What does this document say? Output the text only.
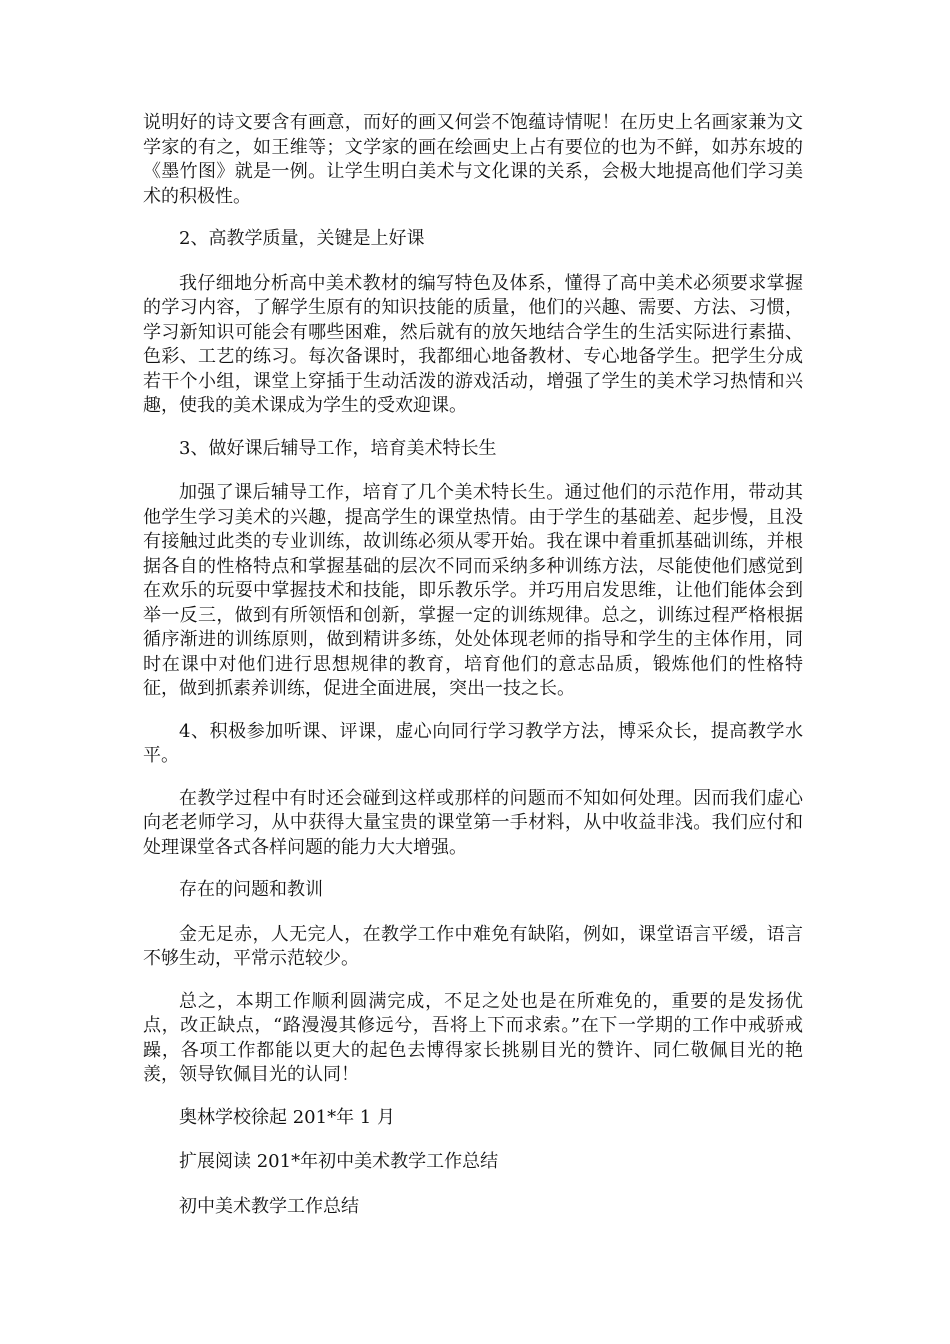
说明好的诗文要含有画意，而好的画又何尝不饱蕴诗情呢！在历史上名画家兼为文学家的有之，如王维等；文学家的画在绘画史上占有要位的也为不鲜，如苏东坡的《墨竹图》就是一例。让学生明白美术与文化课的关系，会极大地提高他们学习美术的积极性。

2、高教学质量，关键是上好课

我仔细地分析高中美术教材的编写特色及体系，懂得了高中美术必须要求掌握的学习内容，了解学生原有的知识技能的质量，他们的兴趣、需要、方法、习惯，学习新知识可能会有哪些困难，然后就有的放矢地结合学生的生活实际进行素描、色彩、工艺的练习。每次备课时，我都细心地备教材、专心地备学生。把学生分成若干个小组，课堂上穿插于生动活泼的游戏活动，增强了学生的美术学习热情和兴趣，使我的美术课成为学生的受欢迎课。

3、做好课后辅导工作，培育美术特长生

加强了课后辅导工作，培育了几个美术特长生。通过他们的示范作用，带动其他学生学习美术的兴趣，提高学生的课堂热情。由于学生的基础差、起步慢，且没有接触过此类的专业训练，故训练必须从零开始。我在课中着重抓基础训练，并根据各自的性格特点和掌握基础的层次不同而采纳多种训练方法，尽能使他们感觉到在欢乐的玩耍中掌握技术和技能，即乐教乐学。并巧用启发思维，让他们能体会到举一反三，做到有所领悟和创新，掌握一定的训练规律。总之，训练过程严格根据循序渐进的训练原则，做到精讲多练，处处体现老师的指导和学生的主体作用，同时在课中对他们进行思想规律的教育，培育他们的意志品质，锻炼他们的性格特征，做到抓素养训练，促进全面进展，突出一技之长。

4、积极参加听课、评课，虚心向同行学习教学方法，博采众长，提高教学水平。

在教学过程中有时还会碰到这样或那样的问题而不知如何处理。因而我们虚心向老老师学习，从中获得大量宝贵的课堂第一手材料，从中收益非浅。我们应付和处理课堂各式各样问题的能力大大增强。

存在的问题和教训

金无足赤，人无完人，在教学工作中难免有缺陷，例如，课堂语言平缓，语言不够生动，平常示范较少。

总之，本期工作顺利圆满完成，不足之处也是在所难免的，重要的是发扬优点，改正缺点，“路漫漫其修远兮，吾将上下而求索。”在下一学期的工作中戒骄戒躁，各项工作都能以更大的起色去博得家长挑剔目光的赞许、同仁敬佩目光的艳羡，领导钦佩目光的认同！

奥林学校徐起 201*年 1 月

扩展阅读 201*年初中美术教学工作总结

初中美术教学工作总结
